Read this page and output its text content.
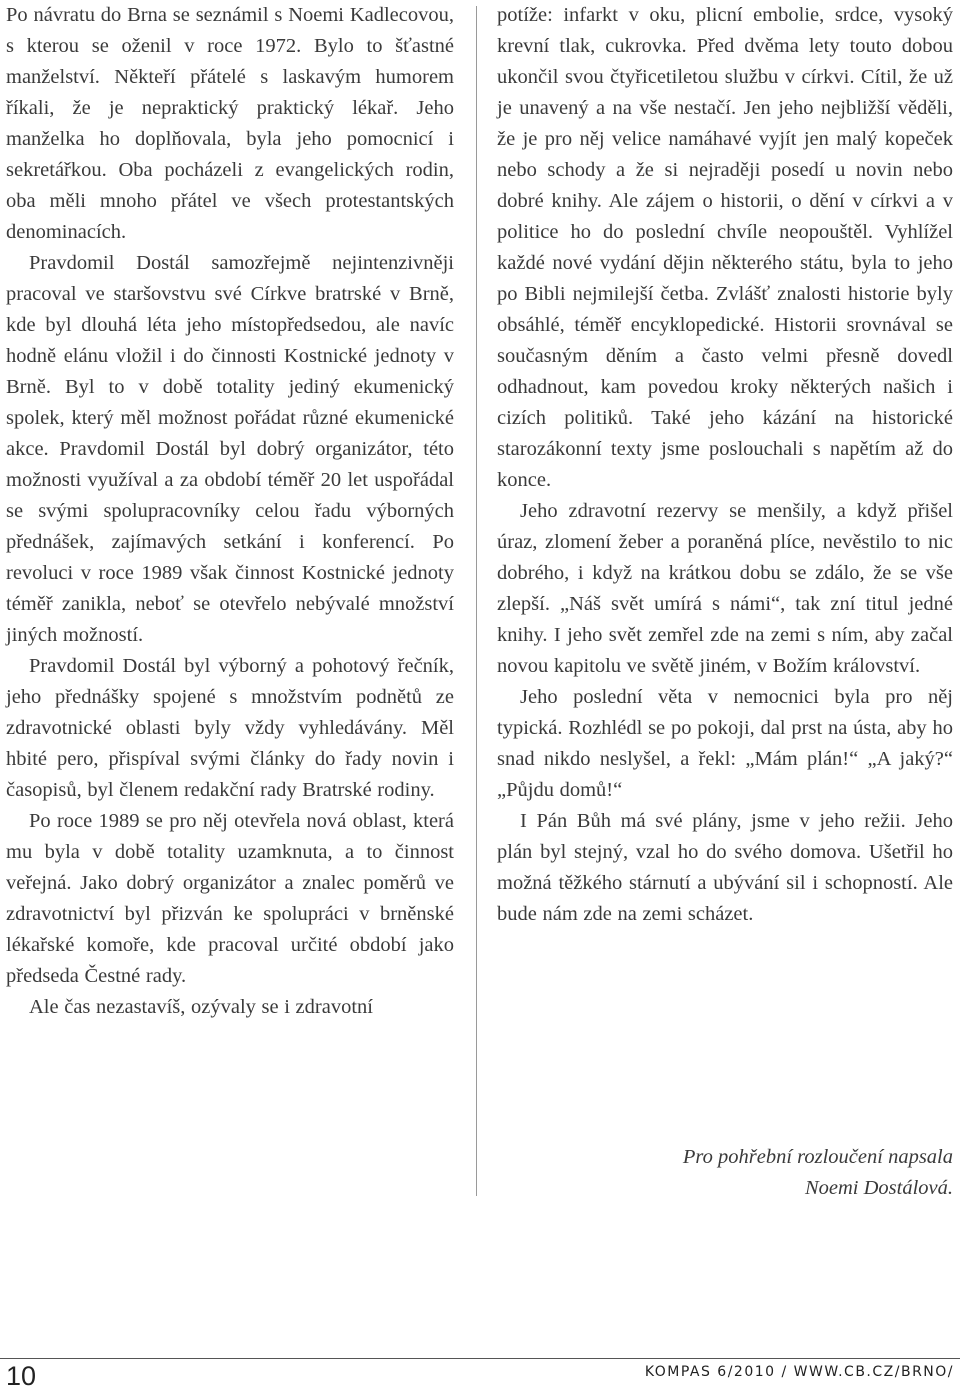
Po návratu do Brna se seznámil s Noemi Kadlecovou, s kterou se oženil v roce 1972. Bylo to šťastné manželství. Někteří přátelé s laskavým humorem říkali, že je nepraktický praktický lékař. Jeho manželka ho doplňovala, byla jeho pomocnicí i sekretářkou. Oba pocházeli z evangelických rodin, oba měli mnoho přátel ve všech protestantských denominacích.

Pravdomil Dostál samozřejmě nejintenzivněji pracoval ve staršovstvu své Církve bratrské v Brně, kde byl dlouhá léta jeho místopředsedou, ale navíc hodně elánu vložil i do činnosti Kostnické jednoty v Brně. Byl to v době totality jediný ekumenický spolek, který měl možnost pořádat různé ekumenické akce. Pravdomil Dostál byl dobrý organizátor, této možnosti využíval a za období téměř 20 let uspořádal se svými spolupracovníky celou řadu výborných přednášek, zajímavých setkání i konferencí. Po revoluci v roce 1989 však činnost Kostnické jednoty téměř zanikla, neboť se otevřelo nebývalé množství jiných možností.

Pravdomil Dostál byl výborný a pohotový řečník, jeho přednášky spojené s množstvím podnětů ze zdravotnické oblasti byly vždy vyhledávány. Měl hbité pero, přispíval svými články do řady novin i časopisů, byl členem redakční rady Bratrské rodiny.

Po roce 1989 se pro něj otevřela nová oblast, která mu byla v době totality uzamknuta, a to činnost veřejná. Jako dobrý organizátor a znalec poměrů ve zdravotnictví byl přizván ke spolupráci v brněnské lékařské komoře, kde pracoval určité období jako předseda Čestné rady.

Ale čas nezastavíš, ozývaly se i zdravotní

potíže: infarkt v oku, plicní embolie, srdce, vysoký krevní tlak, cukrovka. Před dvěma lety touto dobou ukončil svou čtyřicetiletou službu v církvi. Cítil, že už je unavený a na vše nestačí. Jen jeho nejbližší věděli, že je pro něj velice namáhavé vyjít jen malý kopeček nebo schody a že si nejraději posedí u novin nebo dobré knihy. Ale zájem o historii, o dění v církvi a v politice ho do poslední chvíle neopouštěl. Vyhlížel každé nové vydání dějin některého státu, byla to jeho po Bibli nejmilejší četba. Zvlášť znalosti historie byly obsáhlé, téměř encyklopedické. Historii srovnával se současným děním a často velmi přesně dovedl odhadnout, kam povedou kroky některých našich i cizích politiků. Také jeho kázání na historické starozákonní texty jsme poslouchali s napětím až do konce.

Jeho zdravotní rezervy se menšily, a když přišel úraz, zlomení žeber a poraněná plíce, nevěstilo to nic dobrého, i když na krátkou dobu se zdálo, že se vše zlepší. „Náš svět umírá s námi“, tak zní titul jedné knihy. I jeho svět zemřel zde na zemi s ním, aby začal novou kapitolu ve světě jiném, v Božím království.

Jeho poslední věta v nemocnici byla pro něj typická. Rozhlédl se po pokoji, dal prst na ústa, aby ho snad nikdo neslyšel, a řekl: „Mám plán!“ „A jaký?“ „Půjdu domů!“

I Pán Bůh má své plány, jsme v jeho režii. Jeho plán byl stejný, vzal ho do svého domova. Ušetřil ho možná těžkého stárnutí a ubývání sil i schopností. Ale bude nám zde na zemi scházet.

Pro pohřební rozloučení napsala
Noemi Dostálová.
10	KOMPAS 6/2010 / WWW.CB.CZ/BRNO/
